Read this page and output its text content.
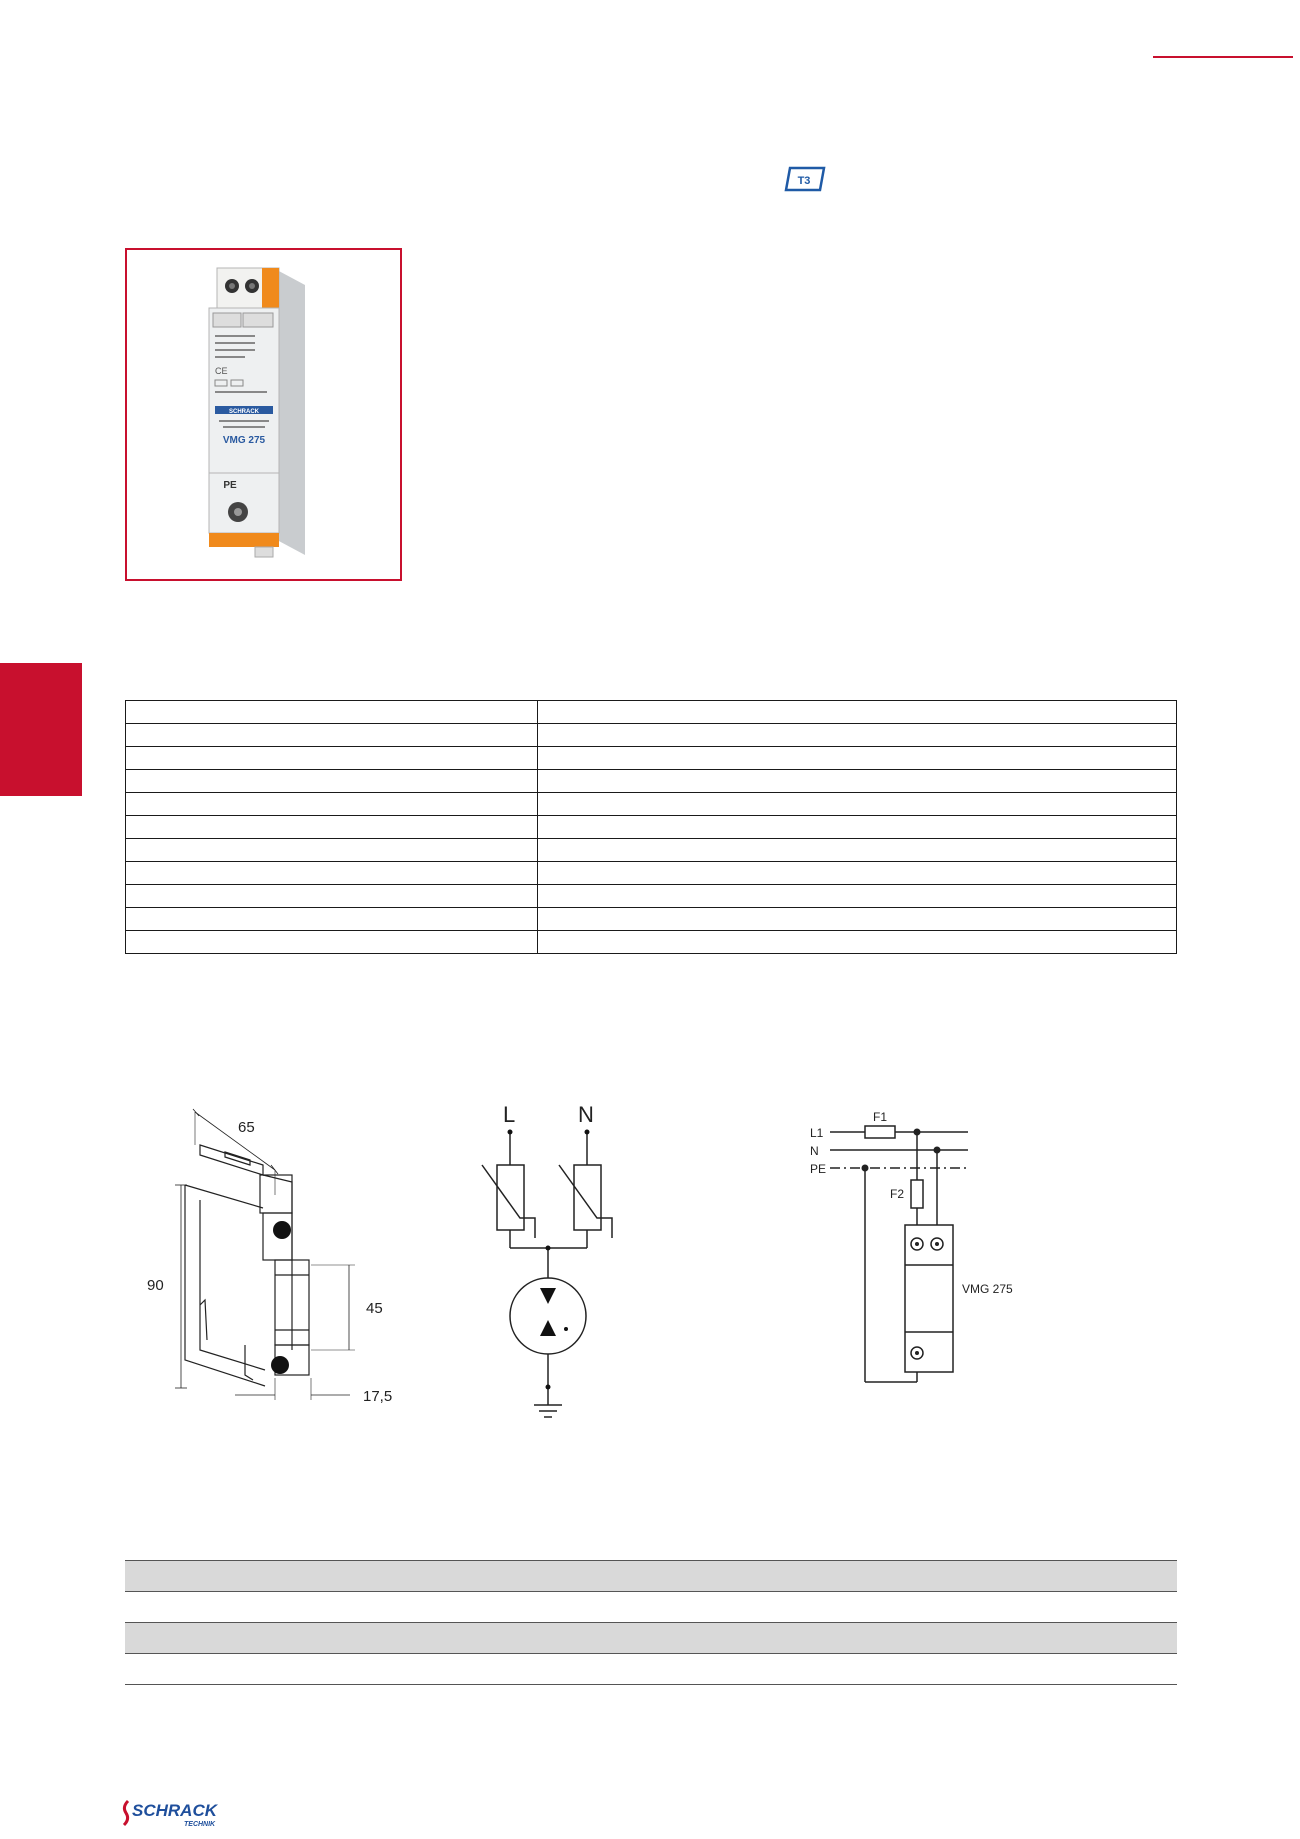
T3
CE
SCHRACK
VMG 275
PE

65
90
45
17,5
L	N
L1
N
PE
F1
F2
VMG 275
SCHRACK
TECHNIK
